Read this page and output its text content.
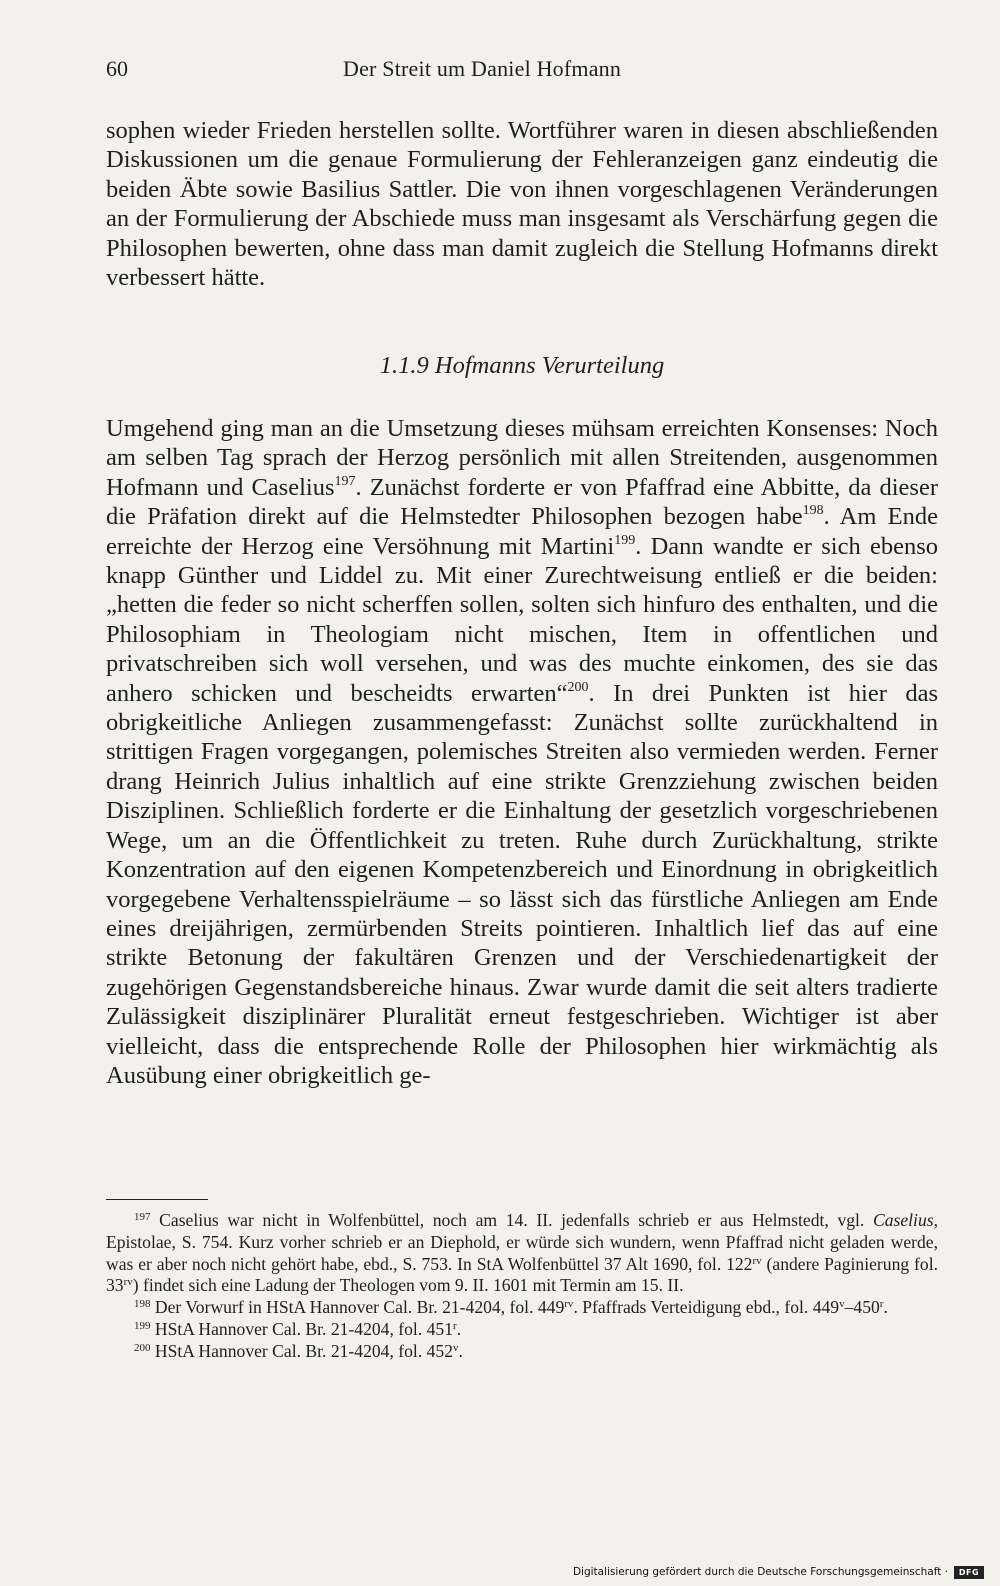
60	Der Streit um Daniel Hofmann

sophen wieder Frieden herstellen sollte. Wortführer waren in diesen abschließenden Diskussionen um die genaue Formulierung der Fehleranzeigen ganz eindeutig die beiden Äbte sowie Basilius Sattler. Die von ihnen vorgeschlagenen Veränderungen an der Formulierung der Abschiede muss man insgesamt als Verschärfung gegen die Philosophen bewerten, ohne dass man damit zugleich die Stellung Hofmanns direkt verbessert hätte.

1.1.9 Hofmanns Verurteilung

Umgehend ging man an die Umsetzung dieses mühsam erreichten Konsenses: Noch am selben Tag sprach der Herzog persönlich mit allen Streitenden, ausgenommen Hofmann und Caselius$^{197}$. Zunächst forderte er von Pfaffrad eine Abbitte, da dieser die Präfation direkt auf die Helmstedter Philosophen bezogen habe$^{198}$. Am Ende erreichte der Herzog eine Versöhnung mit Martini$^{199}$. Dann wandte er sich ebenso knapp Günther und Liddel zu. Mit einer Zurechtweisung entließ er die beiden: „hetten die feder so nicht scherffen sollen, solten sich hinfuro des enthalten, und die Philosophiam in Theologiam nicht mischen, Item in offentlichen und privatschreiben sich woll versehen, und was des muchte einkomen, des sie das anhero schicken und bescheidts erwarten“$^{200}$. In drei Punkten ist hier das obrigkeitliche Anliegen zusammengefasst: Zunächst sollte zurückhaltend in strittigen Fragen vorgegangen, polemisches Streiten also vermieden werden. Ferner drang Heinrich Julius inhaltlich auf eine strikte Grenzziehung zwischen beiden Disziplinen. Schließlich forderte er die Einhaltung der gesetzlich vorgeschriebenen Wege, um an die Öffentlichkeit zu treten. Ruhe durch Zurückhaltung, strikte Konzentration auf den eigenen Kompetenzbereich und Einordnung in obrigkeitlich vorgegebene Verhaltensspielräume – so lässt sich das fürstliche Anliegen am Ende eines dreijährigen, zermürbenden Streits pointieren. Inhaltlich lief das auf eine strikte Betonung der fakultären Grenzen und der Verschiedenartigkeit der zugehörigen Gegenstandsbereiche hinaus. Zwar wurde damit die seit alters tradierte Zulässigkeit disziplinärer Pluralität erneut festgeschrieben. Wichtiger ist aber vielleicht, dass die entsprechende Rolle der Philosophen hier wirkmächtig als Ausübung einer obrigkeitlich ge-

$^{197}$ Caselius war nicht in Wolfenbüttel, noch am 14. II. jedenfalls schrieb er aus Helmstedt, vgl. Caselius, Epistolae, S. 754. Kurz vorher schrieb er an Diephold, er würde sich wundern, wenn Pfaffrad nicht geladen werde, was er aber noch nicht gehört habe, ebd., S. 753. In StA Wolfenbüttel 37 Alt 1690, fol. $122^{rv}$ (andere Paginierung fol. $33^{rv}$) findet sich eine Ladung der Theologen vom 9. II. 1601 mit Termin am 15. II.

$^{198}$ Der Vorwurf in HStA Hannover Cal. Br. 21-4204, fol. $449^{rv}$. Pfaffrads Verteidigung ebd., fol. 449$^v$–450$^r$.

$^{199}$ HStA Hannover Cal. Br. 21-4204, fol. 451$^r$.

$^{200}$ HStA Hannover Cal. Br. 21-4204, fol. 452$^v$.

Digitalisierung gefördert durch die Deutsche Forschungsgemeinschaft ·	DFG
